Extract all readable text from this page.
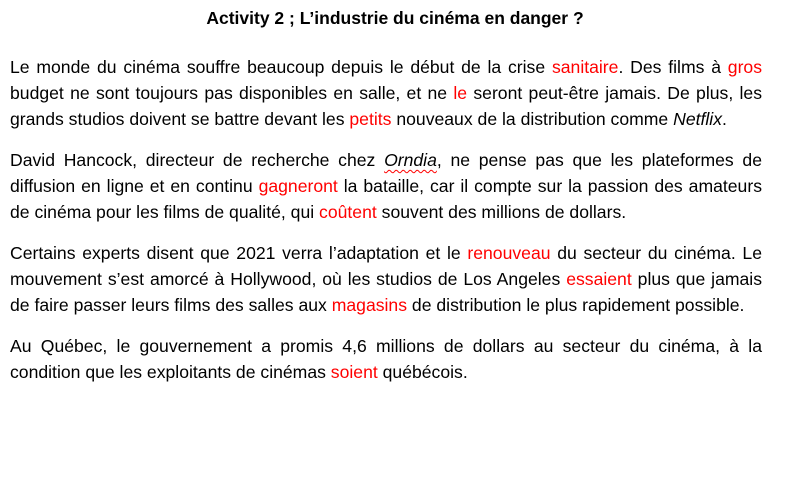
Activity 2 ; L’industrie du cinéma en danger ?

Le monde du cinéma souffre beaucoup depuis le début de la crise sanitaire. Des films à gros budget ne sont toujours pas disponibles en salle, et ne le seront peut-être jamais. De plus, les grands studios doivent se battre devant les petits nouveaux de la distribution comme Netflix.

David Hancock, directeur de recherche chez Orndia, ne pense pas que les plateformes de diffusion en ligne et en continu gagneront la bataille, car il compte sur la passion des amateurs de cinéma pour les films de qualité, qui coûtent souvent des millions de dollars.

Certains experts disent que 2021 verra l’adaptation et le renouveau du secteur du cinéma. Le mouvement s’est amorcé à Hollywood, où les studios de Los Angeles essaient plus que jamais de faire passer leurs films des salles aux magasins de distribution le plus rapidement possible.

Au Québec, le gouvernement a promis 4,6 millions de dollars au secteur du cinéma, à la condition que les exploitants de cinémas soient québécois.
